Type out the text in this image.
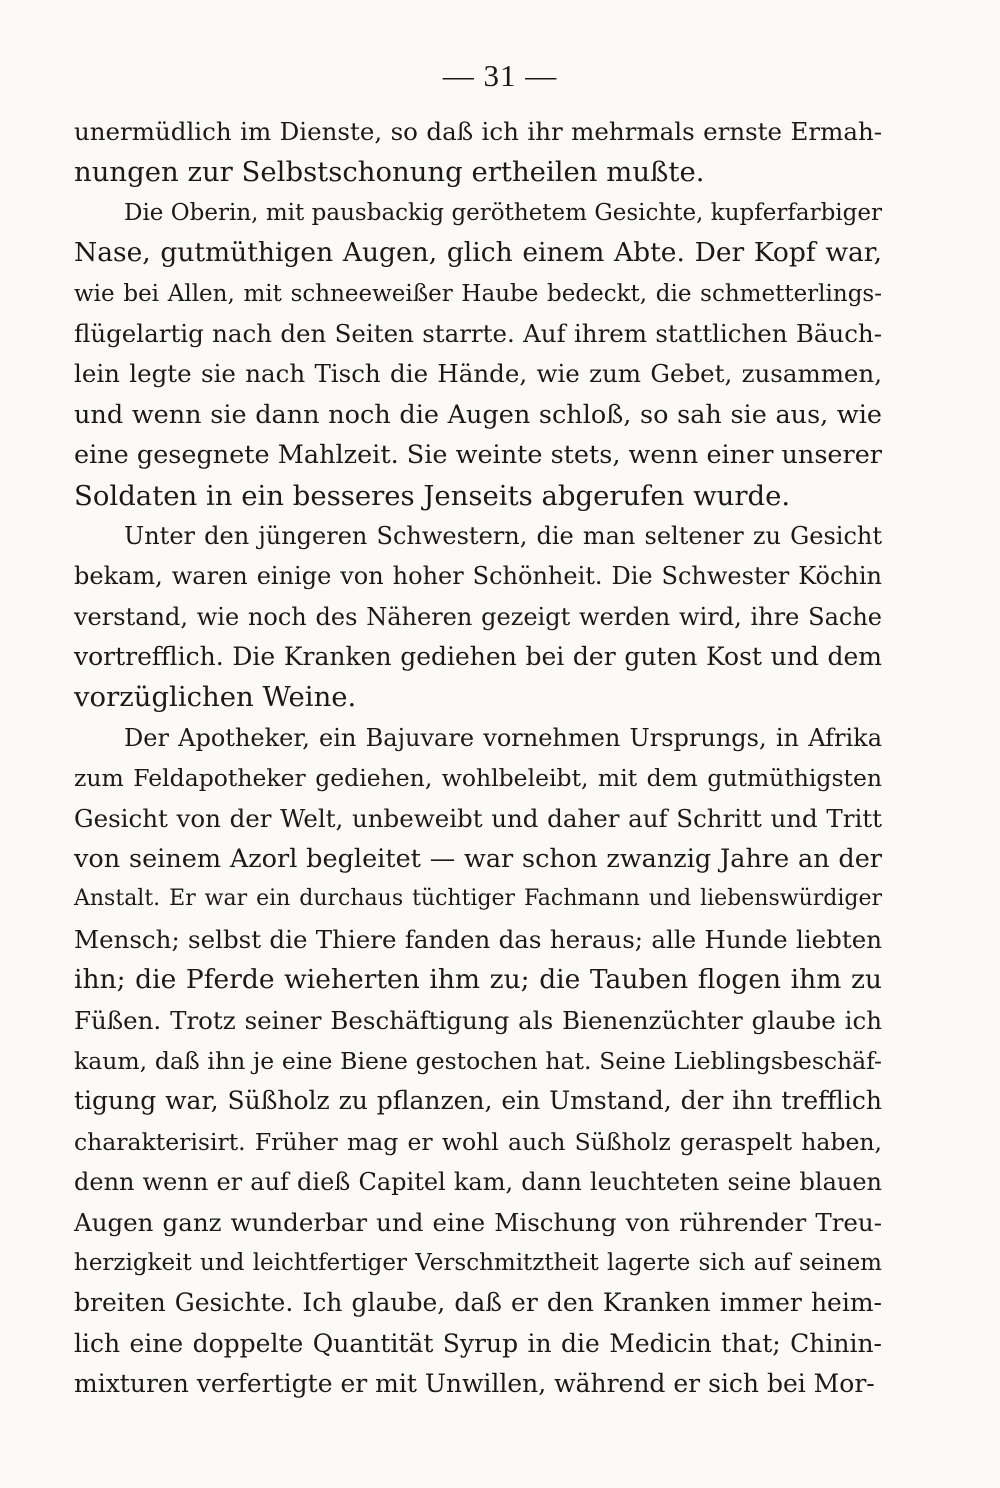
— 31 —
unermüdlich im Dienste, so daß ich ihr mehrmals ernste Ermah-
nungen zur Selbstschonung ertheilen mußte.
Die Oberin, mit pausbackig geröthetem Gesichte, kupferfarbiger
Nase, gutmüthigen Augen, glich einem Abte. Der Kopf war,
wie bei Allen, mit schneeweißer Haube bedeckt, die schmetterlings-
flügelartig nach den Seiten starrte. Auf ihrem stattlichen Bäuch-
lein legte sie nach Tisch die Hände, wie zum Gebet, zusammen,
und wenn sie dann noch die Augen schloß, so sah sie aus, wie
eine gesegnete Mahlzeit. Sie weinte stets, wenn einer unserer
Soldaten in ein besseres Jenseits abgerufen wurde.
Unter den jüngeren Schwestern, die man seltener zu Gesicht
bekam, waren einige von hoher Schönheit. Die Schwester Köchin
verstand, wie noch des Näheren gezeigt werden wird, ihre Sache
vortrefflich. Die Kranken gediehen bei der guten Kost und dem
vorzüglichen Weine.
Der Apotheker, ein Bajuvare vornehmen Ursprungs, in Afrika
zum Feldapotheker gediehen, wohlbeleibt, mit dem gutmüthigsten
Gesicht von der Welt, unbeweibt und daher auf Schritt und Tritt
von seinem Azorl begleitet — war schon zwanzig Jahre an der
Anstalt. Er war ein durchaus tüchtiger Fachmann und liebenswürdiger
Mensch; selbst die Thiere fanden das heraus; alle Hunde liebten
ihn; die Pferde wieherten ihm zu; die Tauben flogen ihm zu
Füßen. Trotz seiner Beschäftigung als Bienenzüchter glaube ich
kaum, daß ihn je eine Biene gestochen hat. Seine Lieblingsbeschäf-
tigung war, Süßholz zu pflanzen, ein Umstand, der ihn trefflich
charakterisirt. Früher mag er wohl auch Süßholz geraspelt haben,
denn wenn er auf dieß Capitel kam, dann leuchteten seine blauen
Augen ganz wunderbar und eine Mischung von rührender Treu-
herzigkeit und leichtfertiger Verschmitztheit lagerte sich auf seinem
breiten Gesichte. Ich glaube, daß er den Kranken immer heim-
lich eine doppelte Quantität Syrup in die Medicin that; Chinin-
mixturen verfertigte er mit Unwillen, während er sich bei Mor-
